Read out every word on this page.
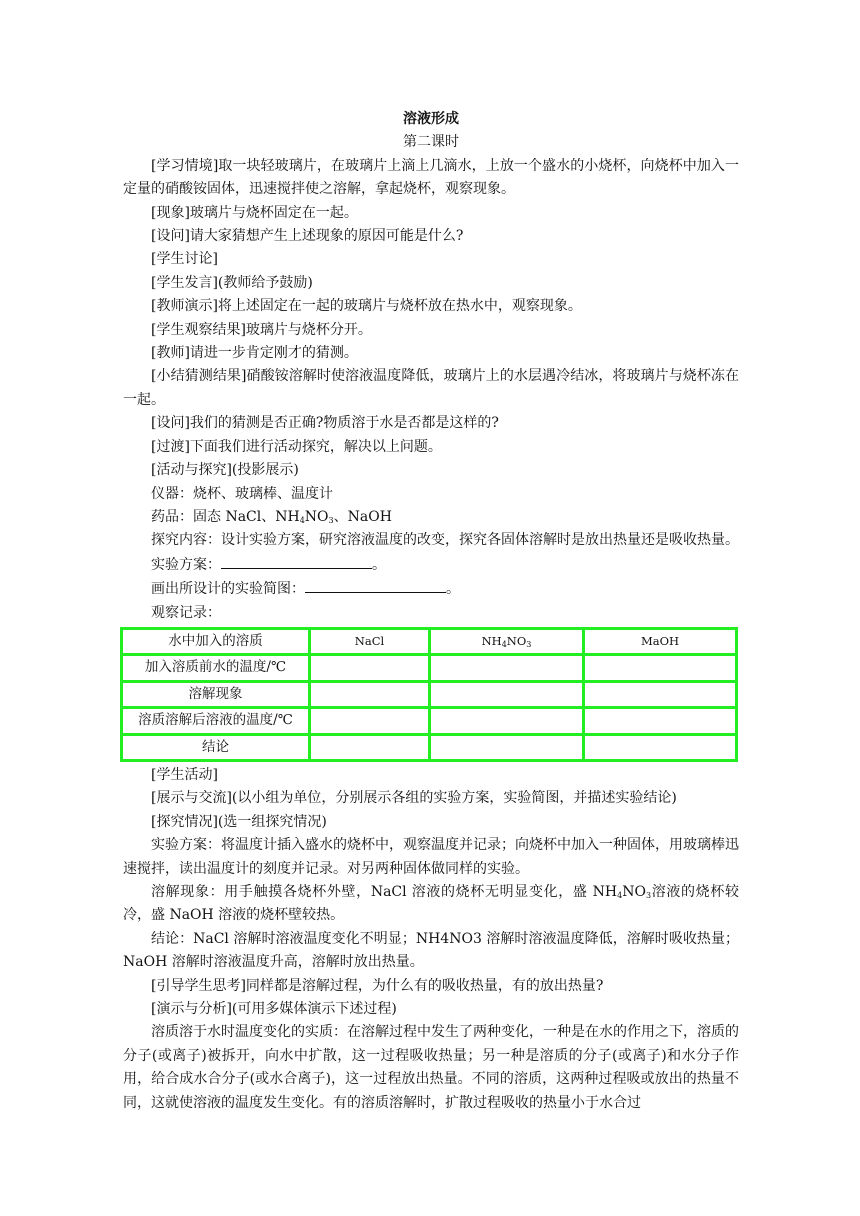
溶液形成

第二课时

[学习情境]取一块轻玻璃片，在玻璃片上滴上几滴水，上放一个盛水的小烧杯，向烧杯中加入一定量的硝酸铵固体，迅速搅拌使之溶解，拿起烧杯，观察现象。

[现象]玻璃片与烧杯固定在一起。

[设问]请大家猜想产生上述现象的原因可能是什么?

[学生讨论]

[学生发言](教师给予鼓励)

[教师演示]将上述固定在一起的玻璃片与烧杯放在热水中，观察现象。

[学生观察结果]玻璃片与烧杯分开。

[教师]请进一步肯定刚才的猜测。

[小结猜测结果]硝酸铵溶解时使溶液温度降低，玻璃片上的水层遇冷结冰，将玻璃片与烧杯冻在一起。

[设问]我们的猜测是否正确?物质溶于水是否都是这样的?

[过渡]下面我们进行活动探究，解决以上问题。

[活动与探究](投影展示)

仪器：烧杯、玻璃棒、温度计

药品：固态 NaCl、$NH_4NO_3$、NaOH

探究内容：设计实验方案，研究溶液温度的改变，探究各固体溶解时是放出热量还是吸收热量。

实验方案：	。

画出所设计的实验简图：	。

观察记录：

水中加入的溶质	NaCl	$NH_4NO_3$	MaOH
加入溶质前水的温度/℃			
溶解现象			
溶质溶解后溶液的温度/℃			
结论			

[学生活动]

[展示与交流](以小组为单位，分别展示各组的实验方案，实验简图，并描述实验结论)

[探究情况](选一组探究情况)

实验方案：将温度计插入盛水的烧杯中，观察温度并记录；向烧杯中加入一种固体，用玻璃棒迅速搅拌，读出温度计的刻度并记录。对另两种固体做同样的实验。

溶解现象：用手触摸各烧杯外壁，NaCl 溶液的烧杯无明显变化，盛 $NH_4NO_3$溶液的烧杯较冷，盛 NaOH 溶液的烧杯壁较热。

结论：NaCl 溶解时溶液温度变化不明显；NH4NO3 溶解时溶液温度降低，溶解时吸收热量；NaOH 溶解时溶液温度升高，溶解时放出热量。

[引导学生思考]同样都是溶解过程，为什么有的吸收热量，有的放出热量?

[演示与分析](可用多媒体演示下述过程)

溶质溶于水时温度变化的实质：在溶解过程中发生了两种变化，一种是在水的作用之下，溶质的分子(或离子)被拆开，向水中扩散，这一过程吸收热量；另一种是溶质的分子(或离子)和水分子作用，给合成水合分子(或水合离子)，这一过程放出热量。不同的溶质，这两种过程吸或放出的热量不同，这就使溶液的温度发生变化。有的溶质溶解时，扩散过程吸收的热量小于水合过
